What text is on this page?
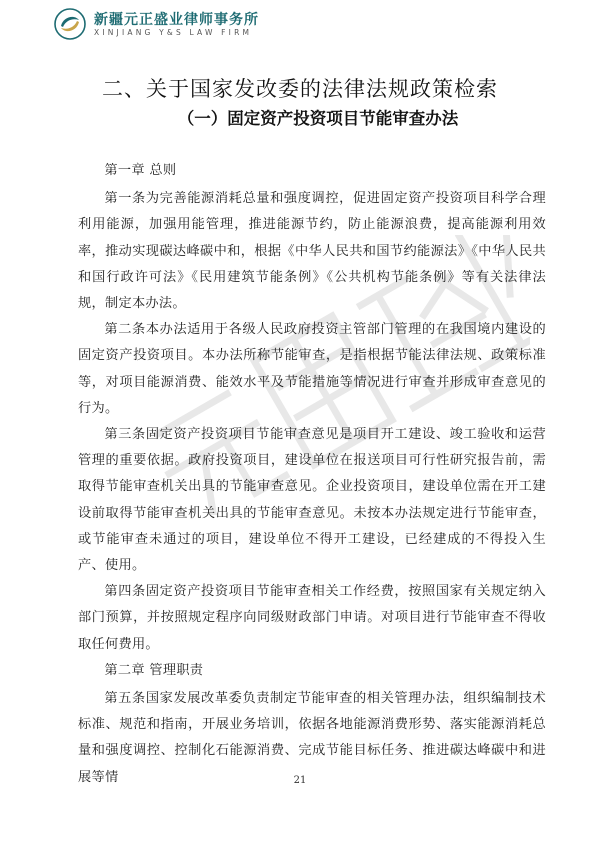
新疆元正盛业律师事务所
XINJIANG Y&S LAW FIRM
二、关于国家发改委的法律法规政策检索
（一）固定资产投资项目节能审查办法

第一章 总则

第一条为完善能源消耗总量和强度调控，促进固定资产投资项目科学合理利用能源，加强用能管理，推进能源节约，防止能源浪费，提高能源利用效率，推动实现碳达峰碳中和，根据《中华人民共和国节约能源法》《中华人民共和国行政许可法》《民用建筑节能条例》《公共机构节能条例》等有关法律法规，制定本办法。

第二条本办法适用于各级人民政府投资主管部门管理的在我国境内建设的固定资产投资项目。本办法所称节能审查，是指根据节能法律法规、政策标准等，对项目能源消费、能效水平及节能措施等情况进行审查并形成审查意见的行为。

第三条固定资产投资项目节能审查意见是项目开工建设、竣工验收和运营管理的重要依据。政府投资项目，建设单位在报送项目可行性研究报告前，需取得节能审查机关出具的节能审查意见。企业投资项目，建设单位需在开工建设前取得节能审查机关出具的节能审查意见。未按本办法规定进行节能审查，或节能审查未通过的项目，建设单位不得开工建设，已经建成的不得投入生产、使用。

第四条固定资产投资项目节能审查相关工作经费，按照国家有关规定纳入部门预算，并按照规定程序向同级财政部门申请。对项目进行节能审查不得收取任何费用。

第二章 管理职责

第五条国家发展改革委负责制定节能审查的相关管理办法，组织编制技术标准、规范和指南，开展业务培训，依据各地能源消费形势、落实能源消耗总量和强度调控、控制化石能源消费、完成节能目标任务、推进碳达峰碳中和进展等情	21
